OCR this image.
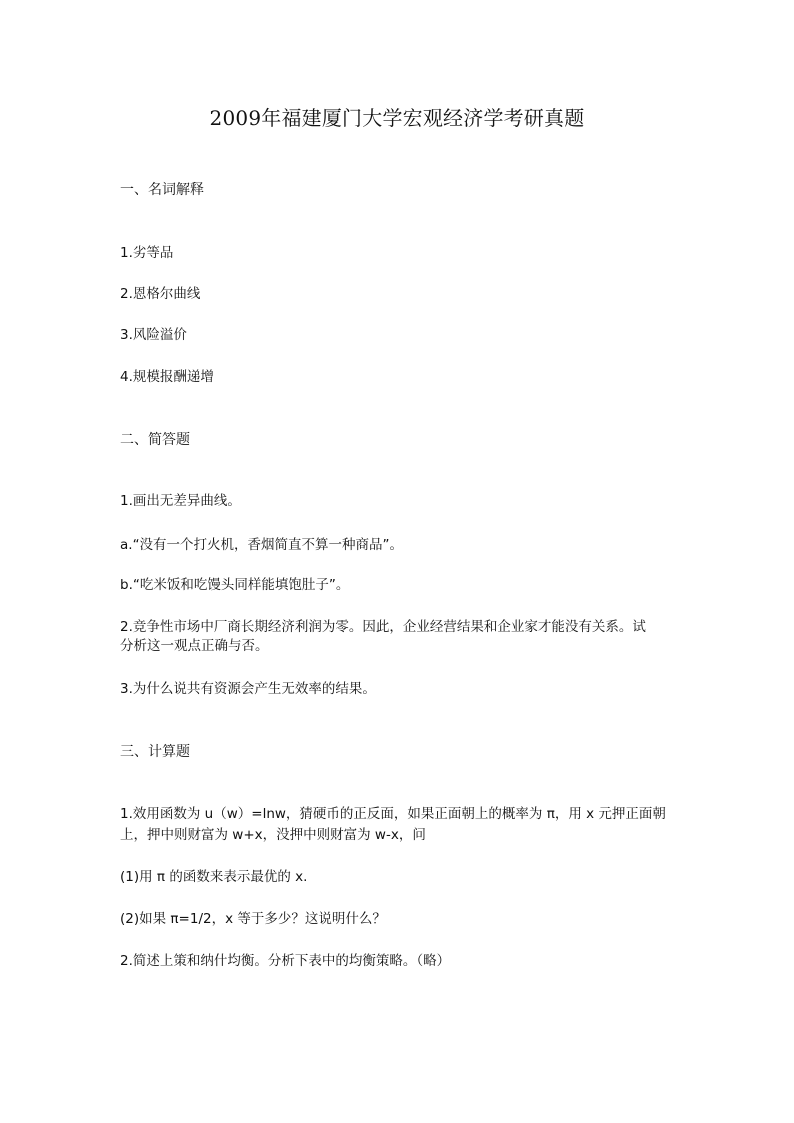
2009年福建厦门大学宏观经济学考研真题
一、名词解释
1.劣等品
2.恩格尔曲线
3.风险溢价
4.规模报酬递增
二、简答题
1.画出无差异曲线。
a.“没有一个打火机，香烟简直不算一种商品”。
b.“吃米饭和吃馒头同样能填饱肚子”。
2.竞争性市场中厂商长期经济利润为零。因此，企业经营结果和企业家才能没有关系。试
分析这一观点正确与否。
3.为什么说共有资源会产生无效率的结果。
三、计算题
1.效用函数为 u（w）=lnw，猜硬币的正反面，如果正面朝上的概率为 π，用 x 元押正面朝
上，押中则财富为 w+x，没押中则财富为 w-x，问
(1)用 π 的函数来表示最优的 x.
(2)如果 π=1/2，x 等于多少？这说明什么？
2.简述上策和纳什均衡。分析下表中的均衡策略。（略）
